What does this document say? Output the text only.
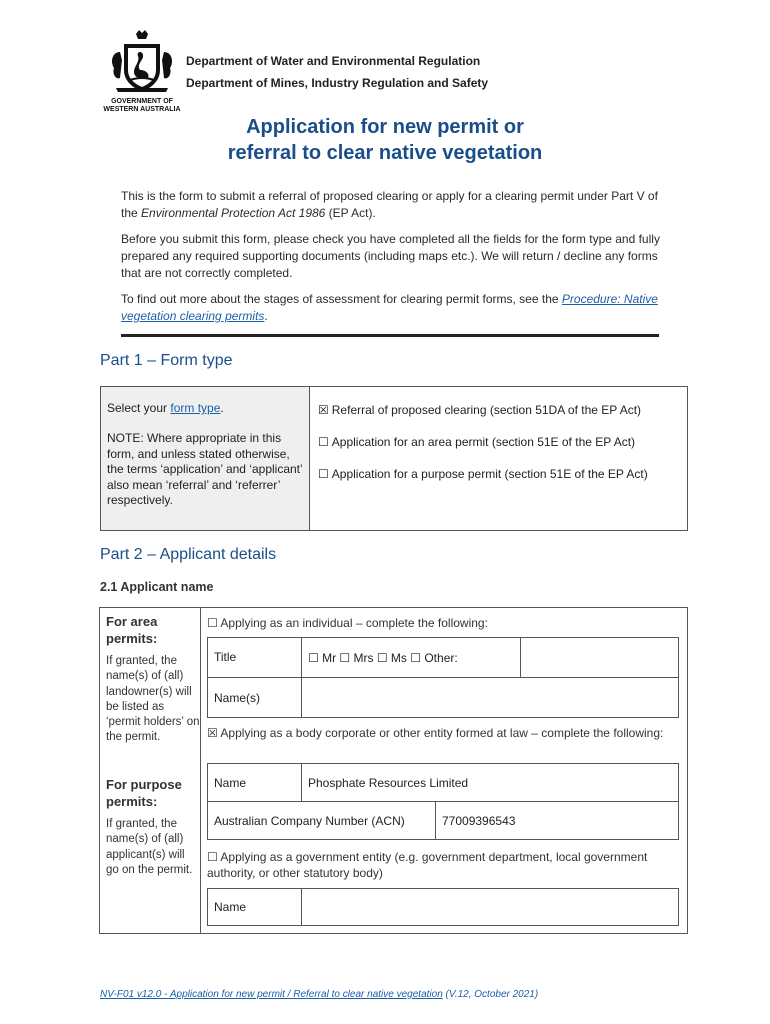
GOVERNMENT OF
WESTERN AUSTRALIA
Department of Water and Environmental Regulation
Department of Mines, Industry Regulation and Safety
Application for new permit or
referral to clear native vegetation

This is the form to submit a referral of proposed clearing or apply for a clearing permit under Part V of the Environmental Protection Act 1986 (EP Act).

Before you submit this form, please check you have completed all the fields for the form type and fully prepared any required supporting documents (including maps etc.). We will return / decline any forms that are not correctly completed.

To find out more about the stages of assessment for clearing permit forms, see the Procedure: Native vegetation clearing permits.

Part 1 – Form type
Select your form type.
NOTE: Where appropriate in this form, and unless stated otherwise, the terms ‘application’ and ‘applicant’ also mean ‘referral’ and ‘referrer’ respectively.
☒ Referral of proposed clearing (section 51DA of the EP Act)
☐ Application for an area permit (section 51E of the EP Act)
☐ Application for a purpose permit (section 51E of the EP Act)
Part 2 – Applicant details
2.1 Applicant name
For area permits:
If granted, the name(s) of (all) landowner(s) will be listed as ‘permit holders’ on the permit.
For purpose permits:
If granted, the name(s) of (all) applicant(s) will go on the permit.
☐ Applying as an individual – complete the following:
Title	☐ Mr ☐ Mrs ☐ Ms ☐ Other:
Name(s)
☒ Applying as a body corporate or other entity formed at law – complete the following:
Name	Phosphate Resources Limited
Australian Company Number (ACN)	77009396543
☐ Applying as a government entity (e.g. government department, local government authority, or other statutory body)
Name
NV-F01 v12.0 - Application for new permit / Referral to clear native vegetation (V.12, October 2021)
